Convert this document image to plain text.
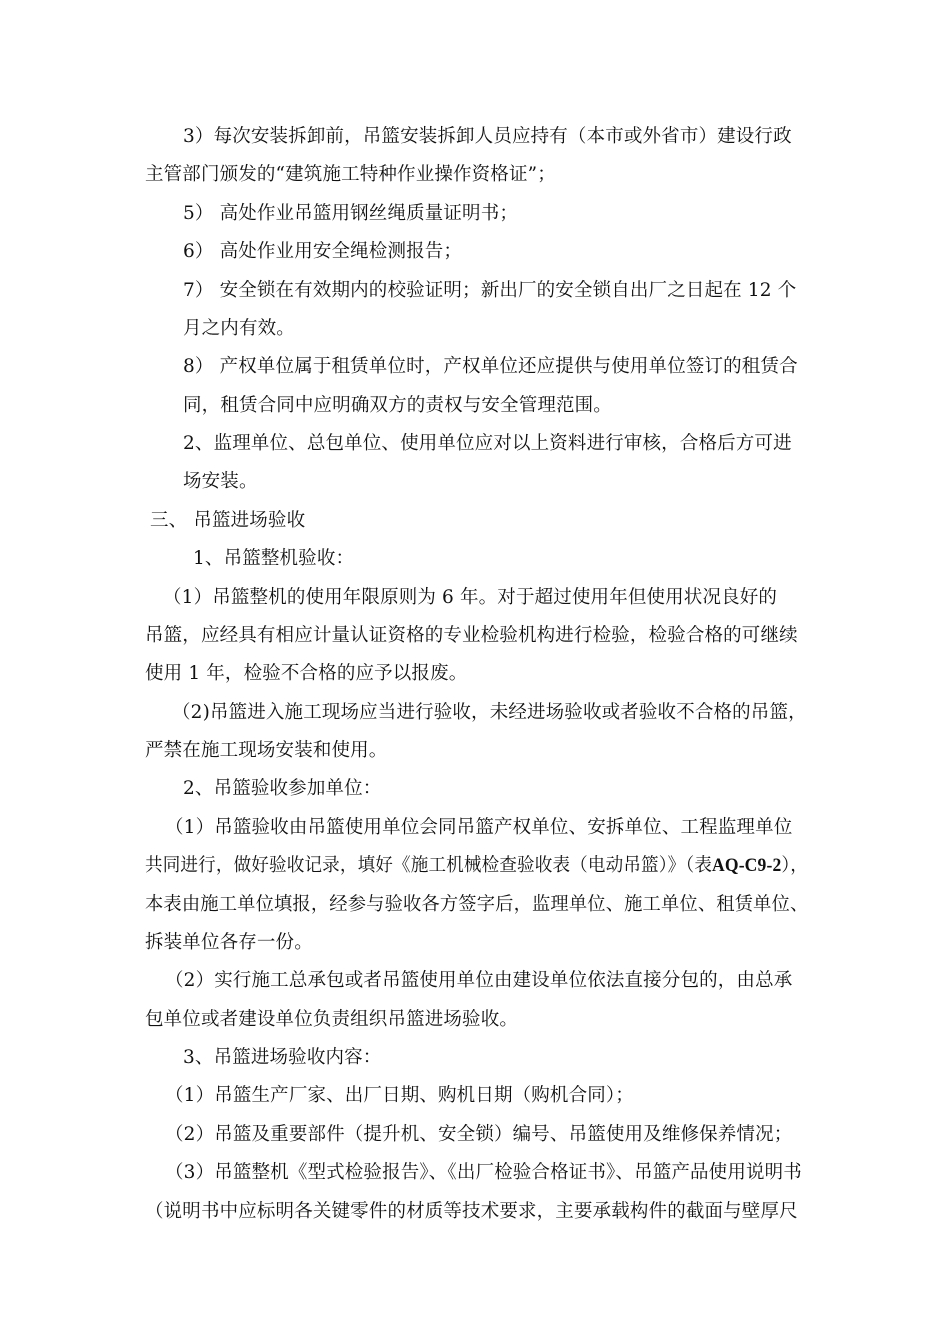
3）每次安装拆卸前，吊篮安装拆卸人员应持有（本市或外省市）建设行政
主管部门颁发的“建筑施工特种作业操作资格证”；
5） 高处作业吊篮用钢丝绳质量证明书；
6） 高处作业用安全绳检测报告；
7） 安全锁在有效期内的校验证明；新出厂的安全锁自出厂之日起在 12 个
月之内有效。
8） 产权单位属于租赁单位时，产权单位还应提供与使用单位签订的租赁合
同，租赁合同中应明确双方的责权与安全管理范围。
2、监理单位、总包单位、使用单位应对以上资料进行审核，合格后方可进
场安装。
三、 吊篮进场验收
1、吊篮整机验收：
（1）吊篮整机的使用年限原则为 6 年。对于超过使用年但使用状况良好的
吊篮，应经具有相应计量认证资格的专业检验机构进行检验，检验合格的可继续
使用 1 年，检验不合格的应予以报废。
（2)吊篮进入施工现场应当进行验收，未经进场验收或者验收不合格的吊篮，
严禁在施工现场安装和使用。
2、吊篮验收参加单位：
（1）吊篮验收由吊篮使用单位会同吊篮产权单位、安拆单位、工程监理单位
共同进行，做好验收记录，填好《施工机械检查验收表（电动吊篮）》（表AQ-C9-2），
本表由施工单位填报，经参与验收各方签字后，监理单位、施工单位、租赁单位、
拆装单位各存一份。
（2）实行施工总承包或者吊篮使用单位由建设单位依法直接分包的，由总承
包单位或者建设单位负责组织吊篮进场验收。
3、吊篮进场验收内容：
（1）吊篮生产厂家、出厂日期、购机日期（购机合同）；
（2）吊篮及重要部件（提升机、安全锁）编号、吊篮使用及维修保养情况；
（3）吊篮整机《型式检验报告》、《出厂检验合格证书》、吊篮产品使用说明书
（说明书中应标明各关键零件的材质等技术要求，主要承载构件的截面与壁厚尺
